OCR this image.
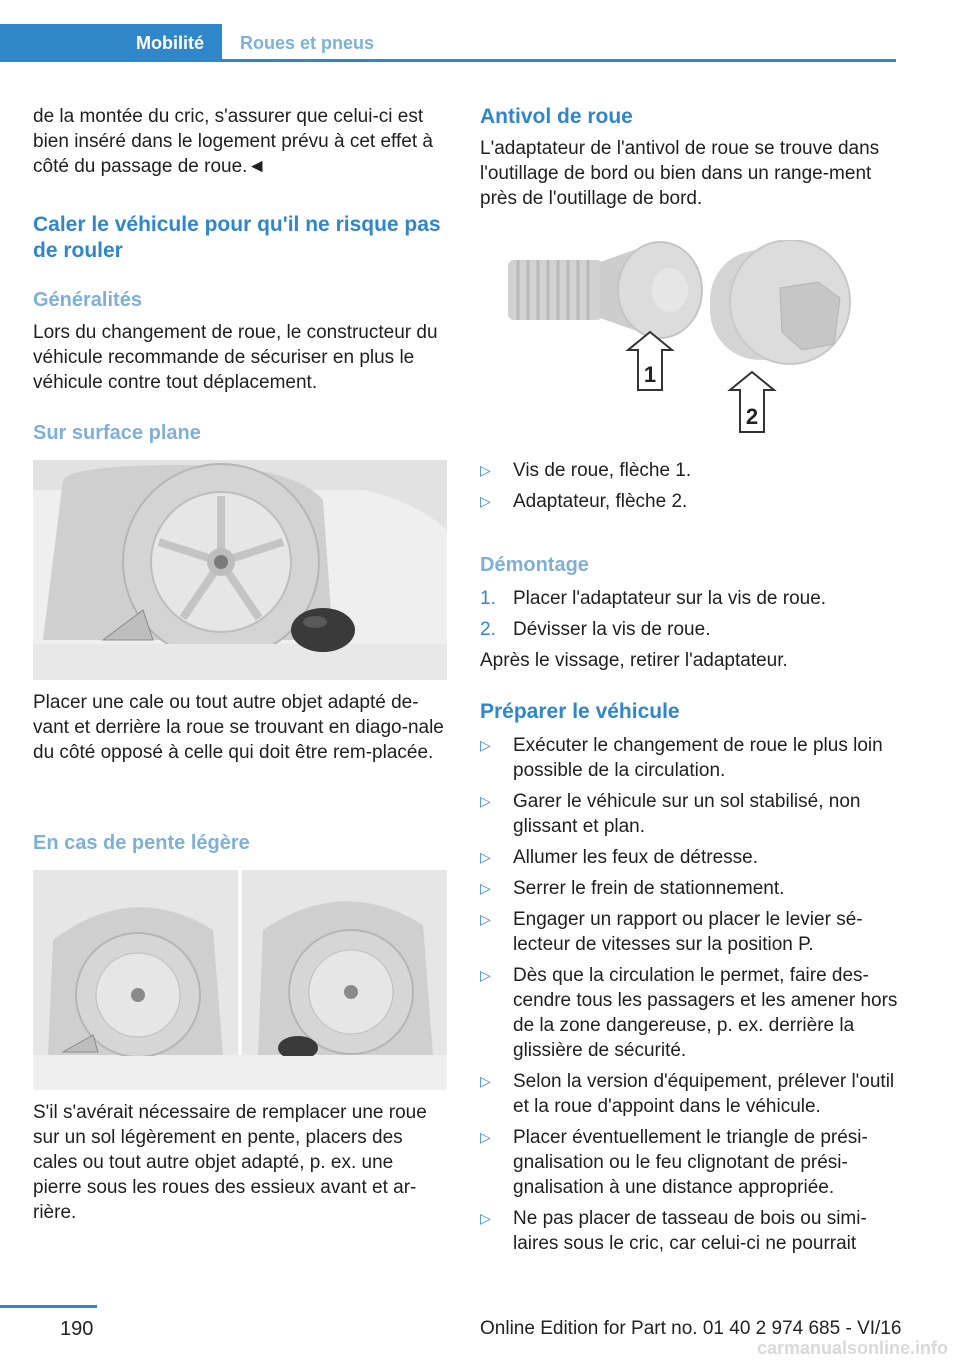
Mobilité	Roues et pneus

de la montée du cric, s'assurer que celui-ci est bien inséré dans le logement prévu à cet effet à côté du passage de roue.◄

Caler le véhicule pour qu'il ne risque pas de rouler

Généralités

Lors du changement de roue, le constructeur du véhicule recommande de sécuriser en plus le véhicule contre tout déplacement.

Sur surface plane

Placer une cale ou tout autre objet adapté de-vant et derrière la roue se trouvant en diago-nale du côté opposé à celle qui doit être rem-placée.

En cas de pente légère

S'il s'avérait nécessaire de remplacer une roue sur un sol légèrement en pente, placers des cales ou tout autre objet adapté, p. ex. une pierre sous les roues des essieux avant et ar-rière.

Antivol de roue

L'adaptateur de l'antivol de roue se trouve dans l'outillage de bord ou bien dans un range-ment près de l'outillage de bord.

1
2
▷ Vis de roue, flèche 1.
▷ Adaptateur, flèche 2.

Démontage

1. Placer l'adaptateur sur la vis de roue.
2. Dévisser la vis de roue.

Après le vissage, retirer l'adaptateur.

Préparer le véhicule

▷ Exécuter le changement de roue le plus loin possible de la circulation.
▷ Garer le véhicule sur un sol stabilisé, non glissant et plan.
▷ Allumer les feux de détresse.
▷ Serrer le frein de stationnement.
▷ Engager un rapport ou placer le levier sé-lecteur de vitesses sur la position P.
▷ Dès que la circulation le permet, faire des-cendre tous les passagers et les amener hors de la zone dangereuse, p. ex. derrière la glissière de sécurité.
▷ Selon la version d'équipement, prélever l'outil et la roue d'appoint dans le véhicule.
▷ Placer éventuellement le triangle de prési-gnalisation ou le feu clignotant de prési-gnalisation à une distance appropriée.
▷ Ne pas placer de tasseau de bois ou simi-laires sous le cric, car celui-ci ne pourrait
190	Online Edition for Part no. 01 40 2 974 685 - VI/16
carmanualsonline.info
